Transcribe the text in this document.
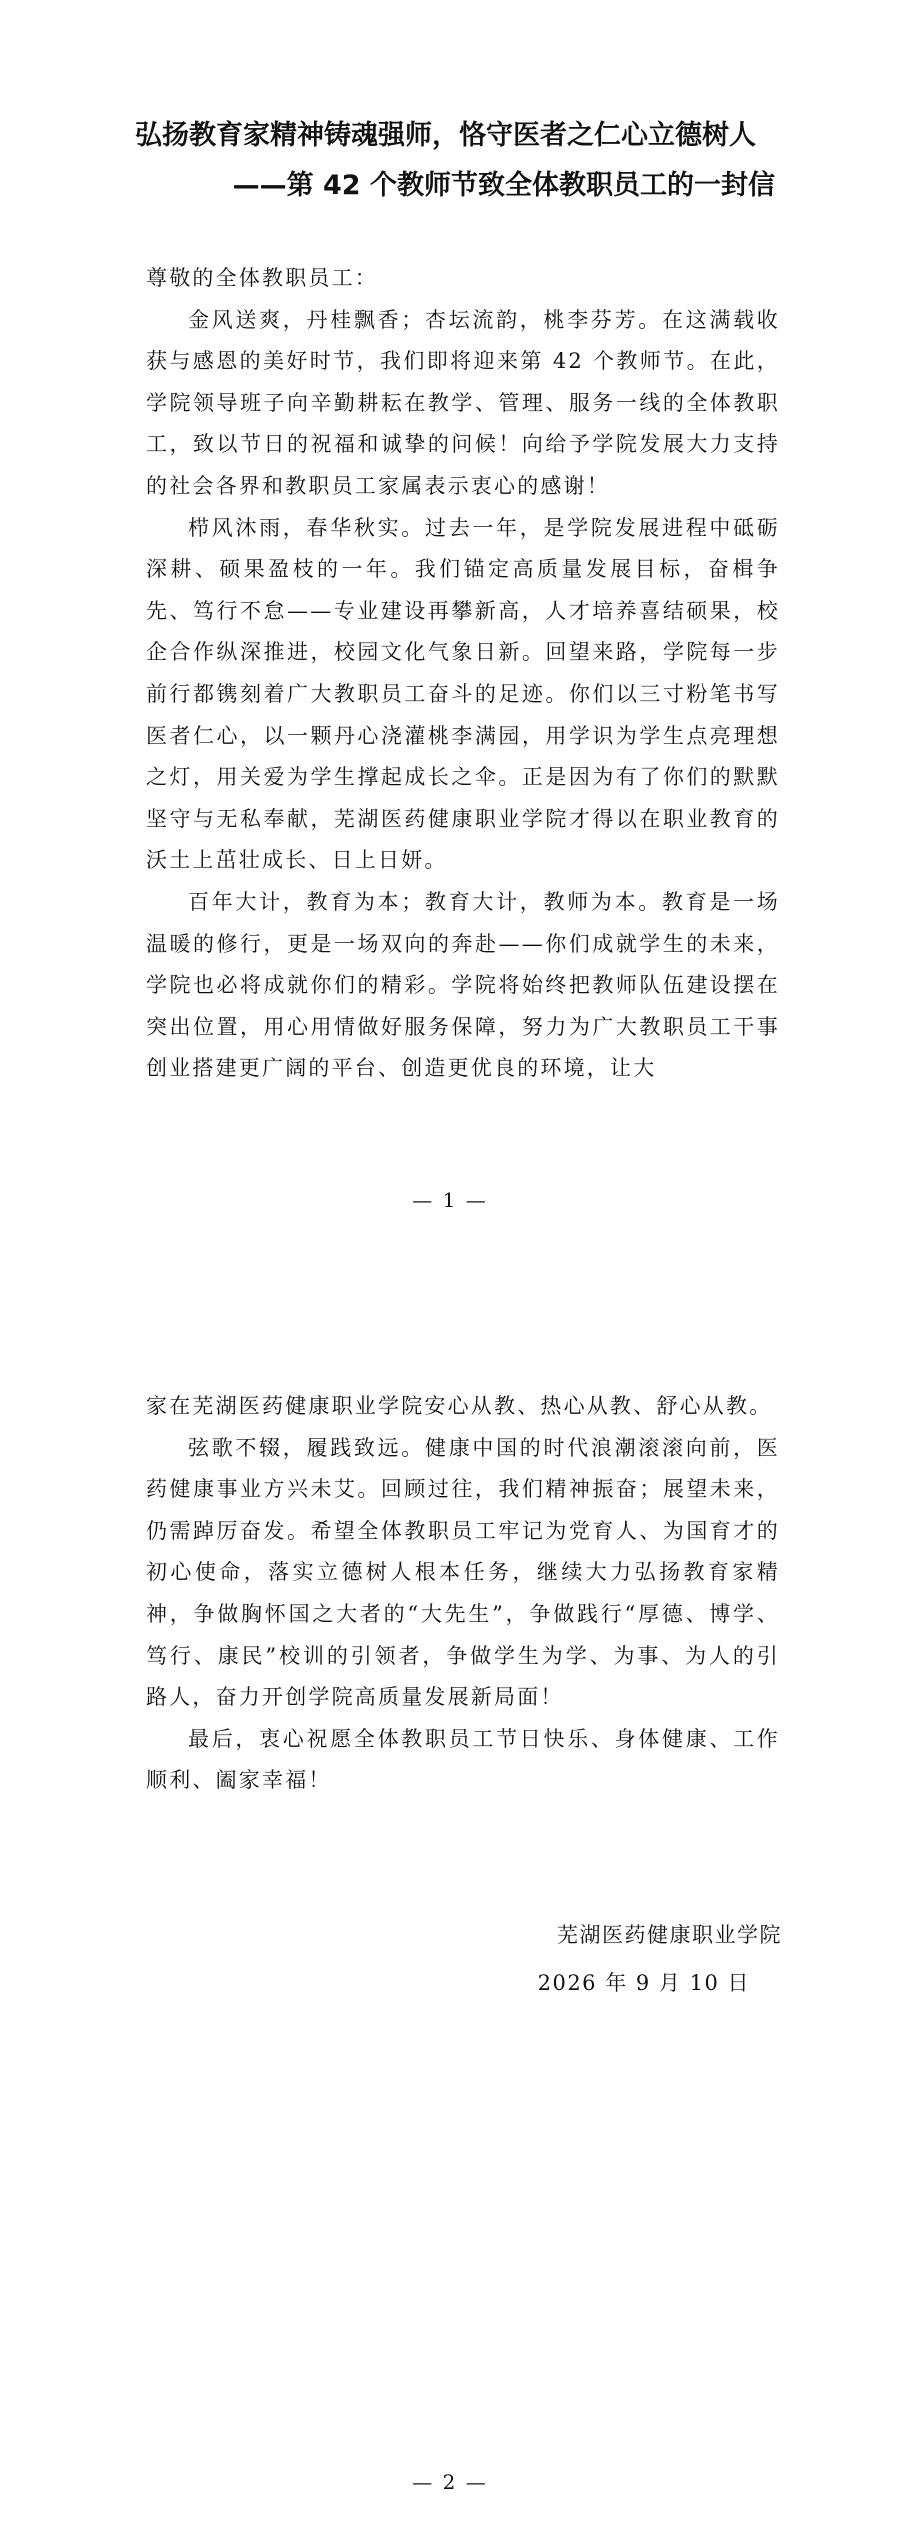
弘扬教育家精神铸魂强师，恪守医者之仁心立德树人
——第 42 个教师节致全体教职员工的一封信

尊敬的全体教职员工：

金风送爽，丹桂飘香；杏坛流韵，桃李芬芳。在这满载收获与感恩的美好时节，我们即将迎来第 42 个教师节。在此，学院领导班子向辛勤耕耘在教学、管理、服务一线的全体教职工，致以节日的祝福和诚挚的问候！向给予学院发展大力支持的社会各界和教职员工家属表示衷心的感谢！

栉风沐雨，春华秋实。过去一年，是学院发展进程中砥砺深耕、硕果盈枝的一年。我们锚定高质量发展目标，奋楫争先、笃行不怠——专业建设再攀新高，人才培养喜结硕果，校企合作纵深推进，校园文化气象日新。回望来路，学院每一步前行都镌刻着广大教职员工奋斗的足迹。你们以三寸粉笔书写医者仁心，以一颗丹心浇灌桃李满园，用学识为学生点亮理想之灯，用关爱为学生撑起成长之伞。正是因为有了你们的默默坚守与无私奉献，芜湖医药健康职业学院才得以在职业教育的沃土上茁壮成长、日上日妍。

百年大计，教育为本；教育大计，教师为本。教育是一场温暖的修行，更是一场双向的奔赴——你们成就学生的未来，学院也必将成就你们的精彩。学院将始终把教师队伍建设摆在突出位置，用心用情做好服务保障，努力为广大教职员工干事创业搭建更广阔的平台、创造更优良的环境，让大

— 1 —

家在芜湖医药健康职业学院安心从教、热心从教、舒心从教。

弦歌不辍，履践致远。健康中国的时代浪潮滚滚向前，医药健康事业方兴未艾。回顾过往，我们精神振奋；展望未来，仍需踔厉奋发。希望全体教职员工牢记为党育人、为国育才的初心使命，落实立德树人根本任务，继续大力弘扬教育家精神，争做胸怀国之大者的“大先生”，争做践行“厚德、博学、笃行、康民”校训的引领者，争做学生为学、为事、为人的引路人，奋力开创学院高质量发展新局面！

最后，衷心祝愿全体教职员工节日快乐、身体健康、工作顺利、阖家幸福！

芜湖医药健康职业学院
2026 年 9 月 10 日
— 2 —
